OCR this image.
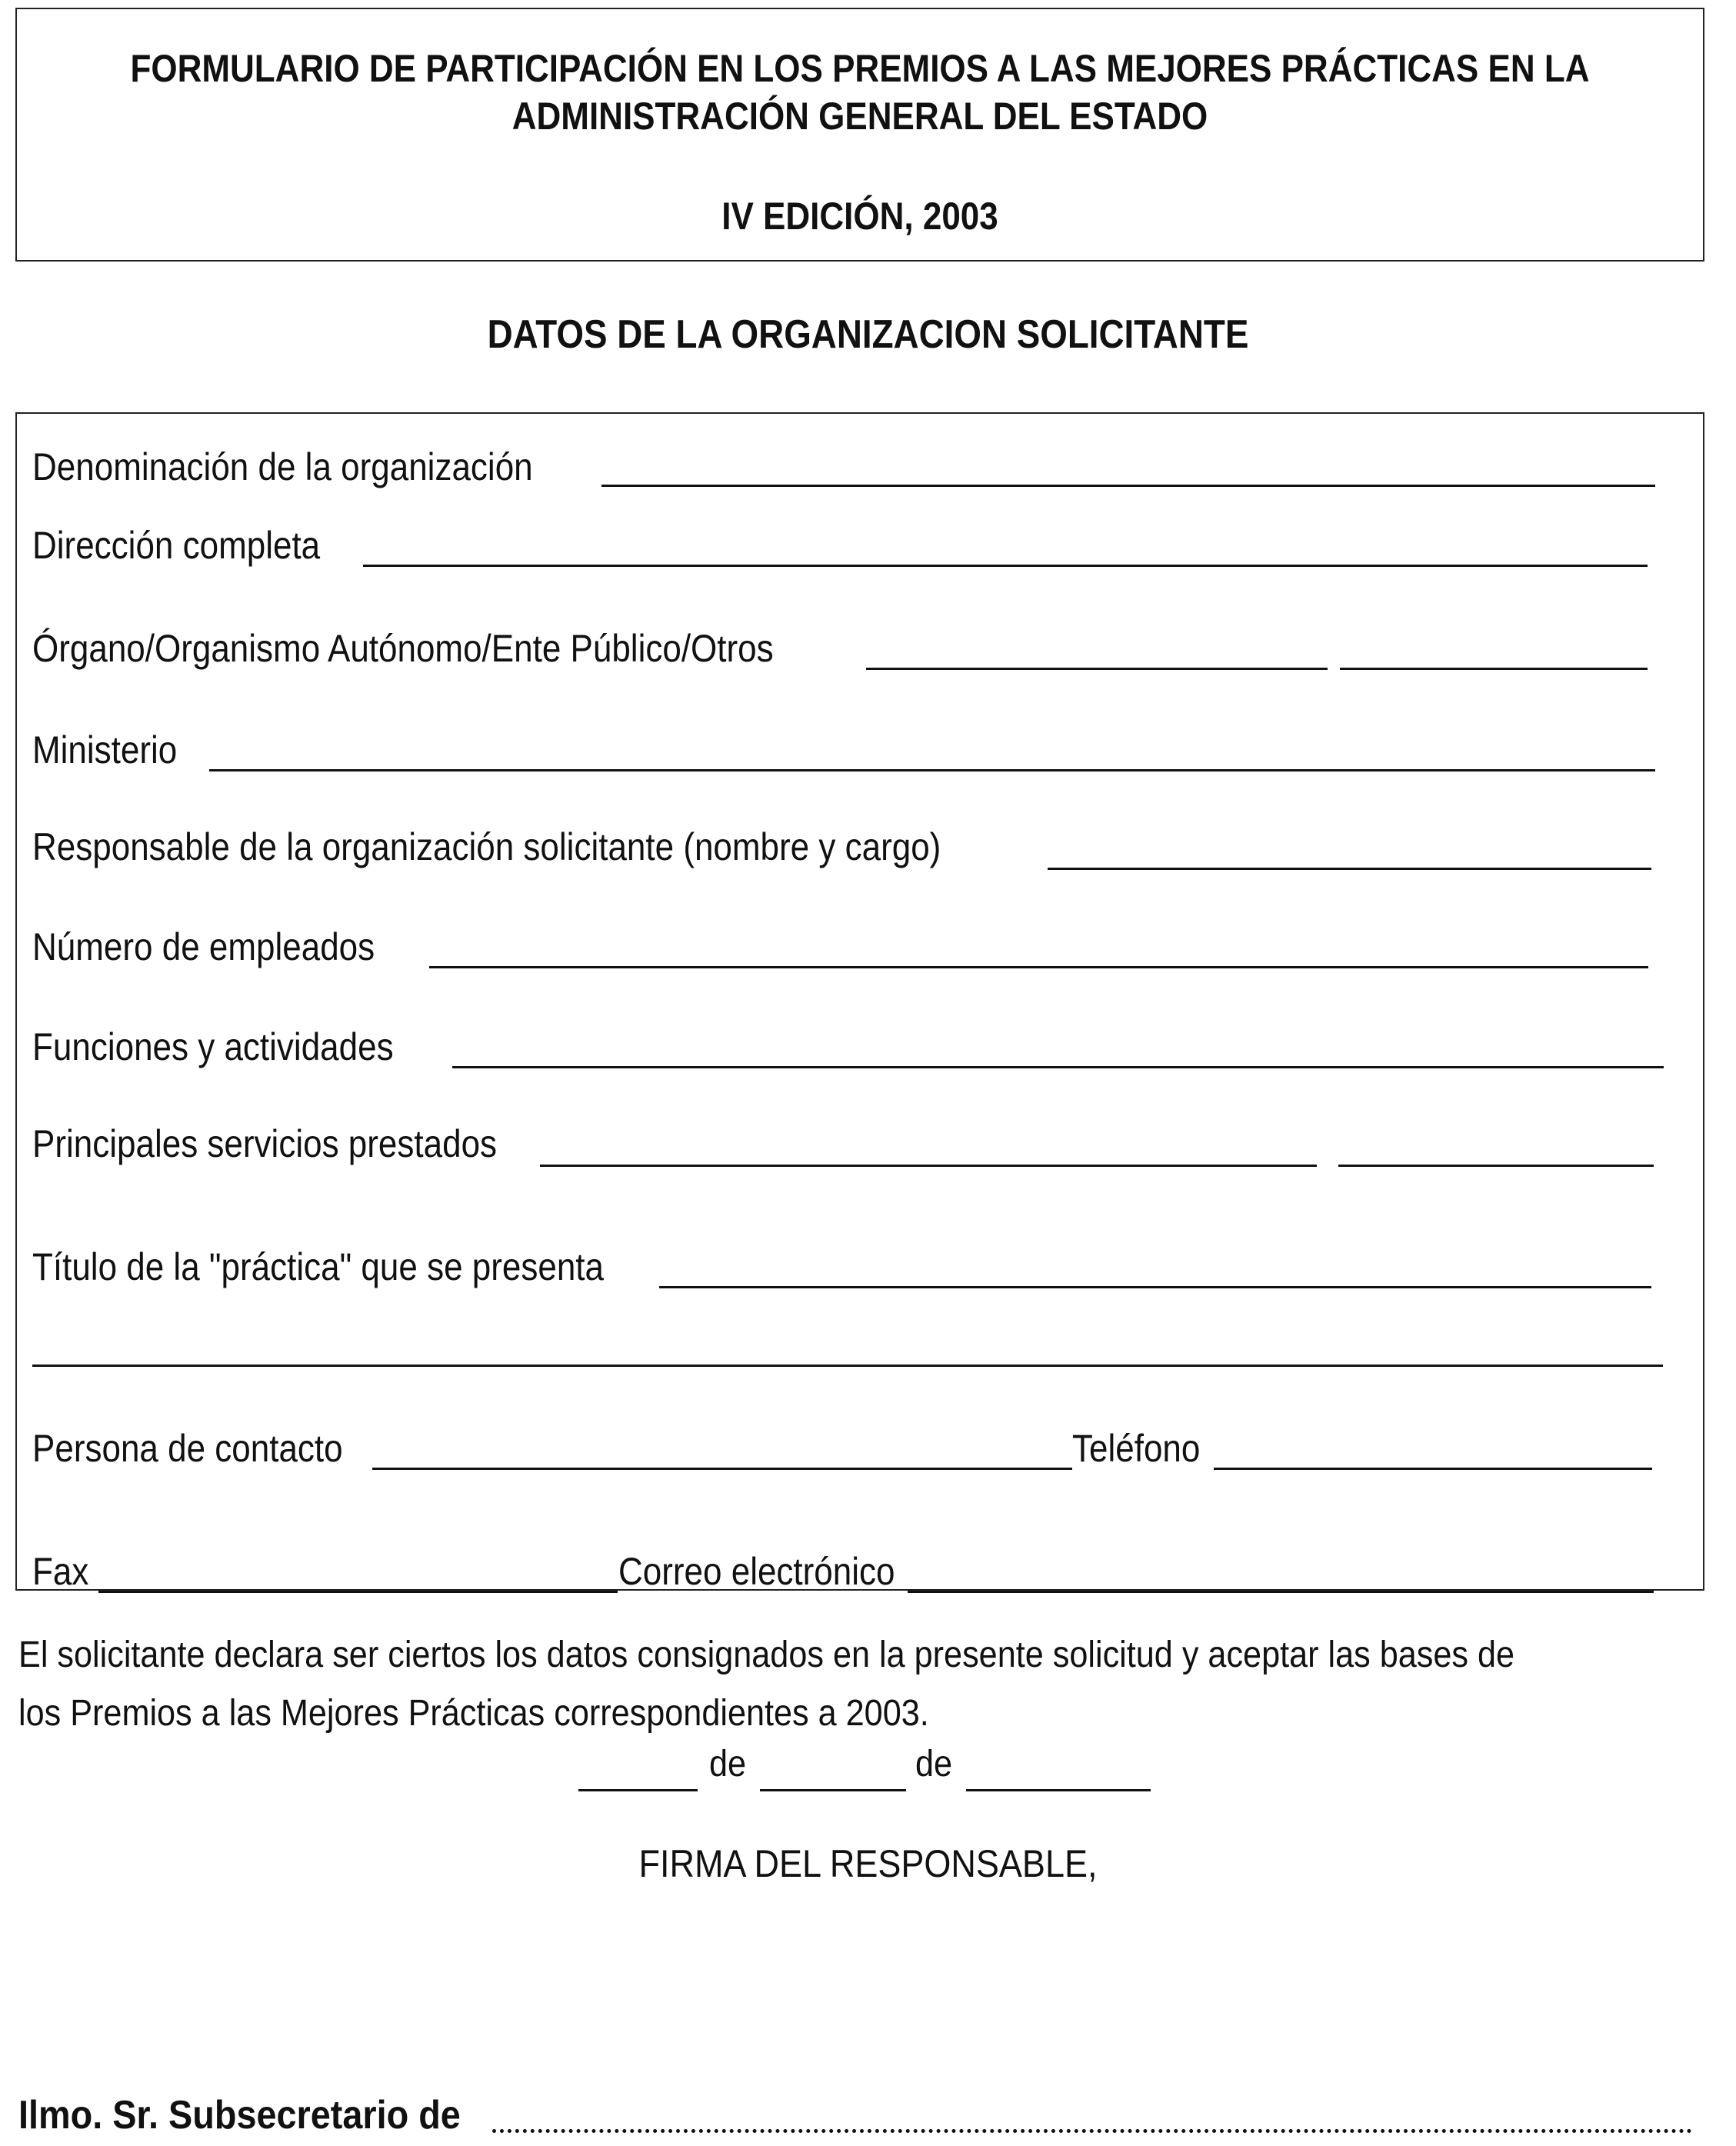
FORMULARIO DE PARTICIPACIÓN EN LOS PREMIOS A LAS MEJORES PRÁCTICAS EN LA
ADMINISTRACIÓN GENERAL DEL ESTADO
IV EDICIÓN, 2003
DATOS DE LA ORGANIZACION SOLICITANTE
Denominación de la organización
Dirección completa
Órgano/Organismo Autónomo/Ente Público/Otros
Ministerio
Responsable de la organización solicitante (nombre y cargo)
Número de empleados
Funciones y actividades
Principales servicios prestados
Título de la "práctica" que se presenta
Persona de contacto	Teléfono
Fax	Correo electrónico
El solicitante declara ser ciertos los datos consignados en la presente solicitud y aceptar las bases de
los Premios a las Mejores Prácticas correspondientes a 2003.
de	de
FIRMA DEL RESPONSABLE,
Ilmo. Sr. Subsecretario de
